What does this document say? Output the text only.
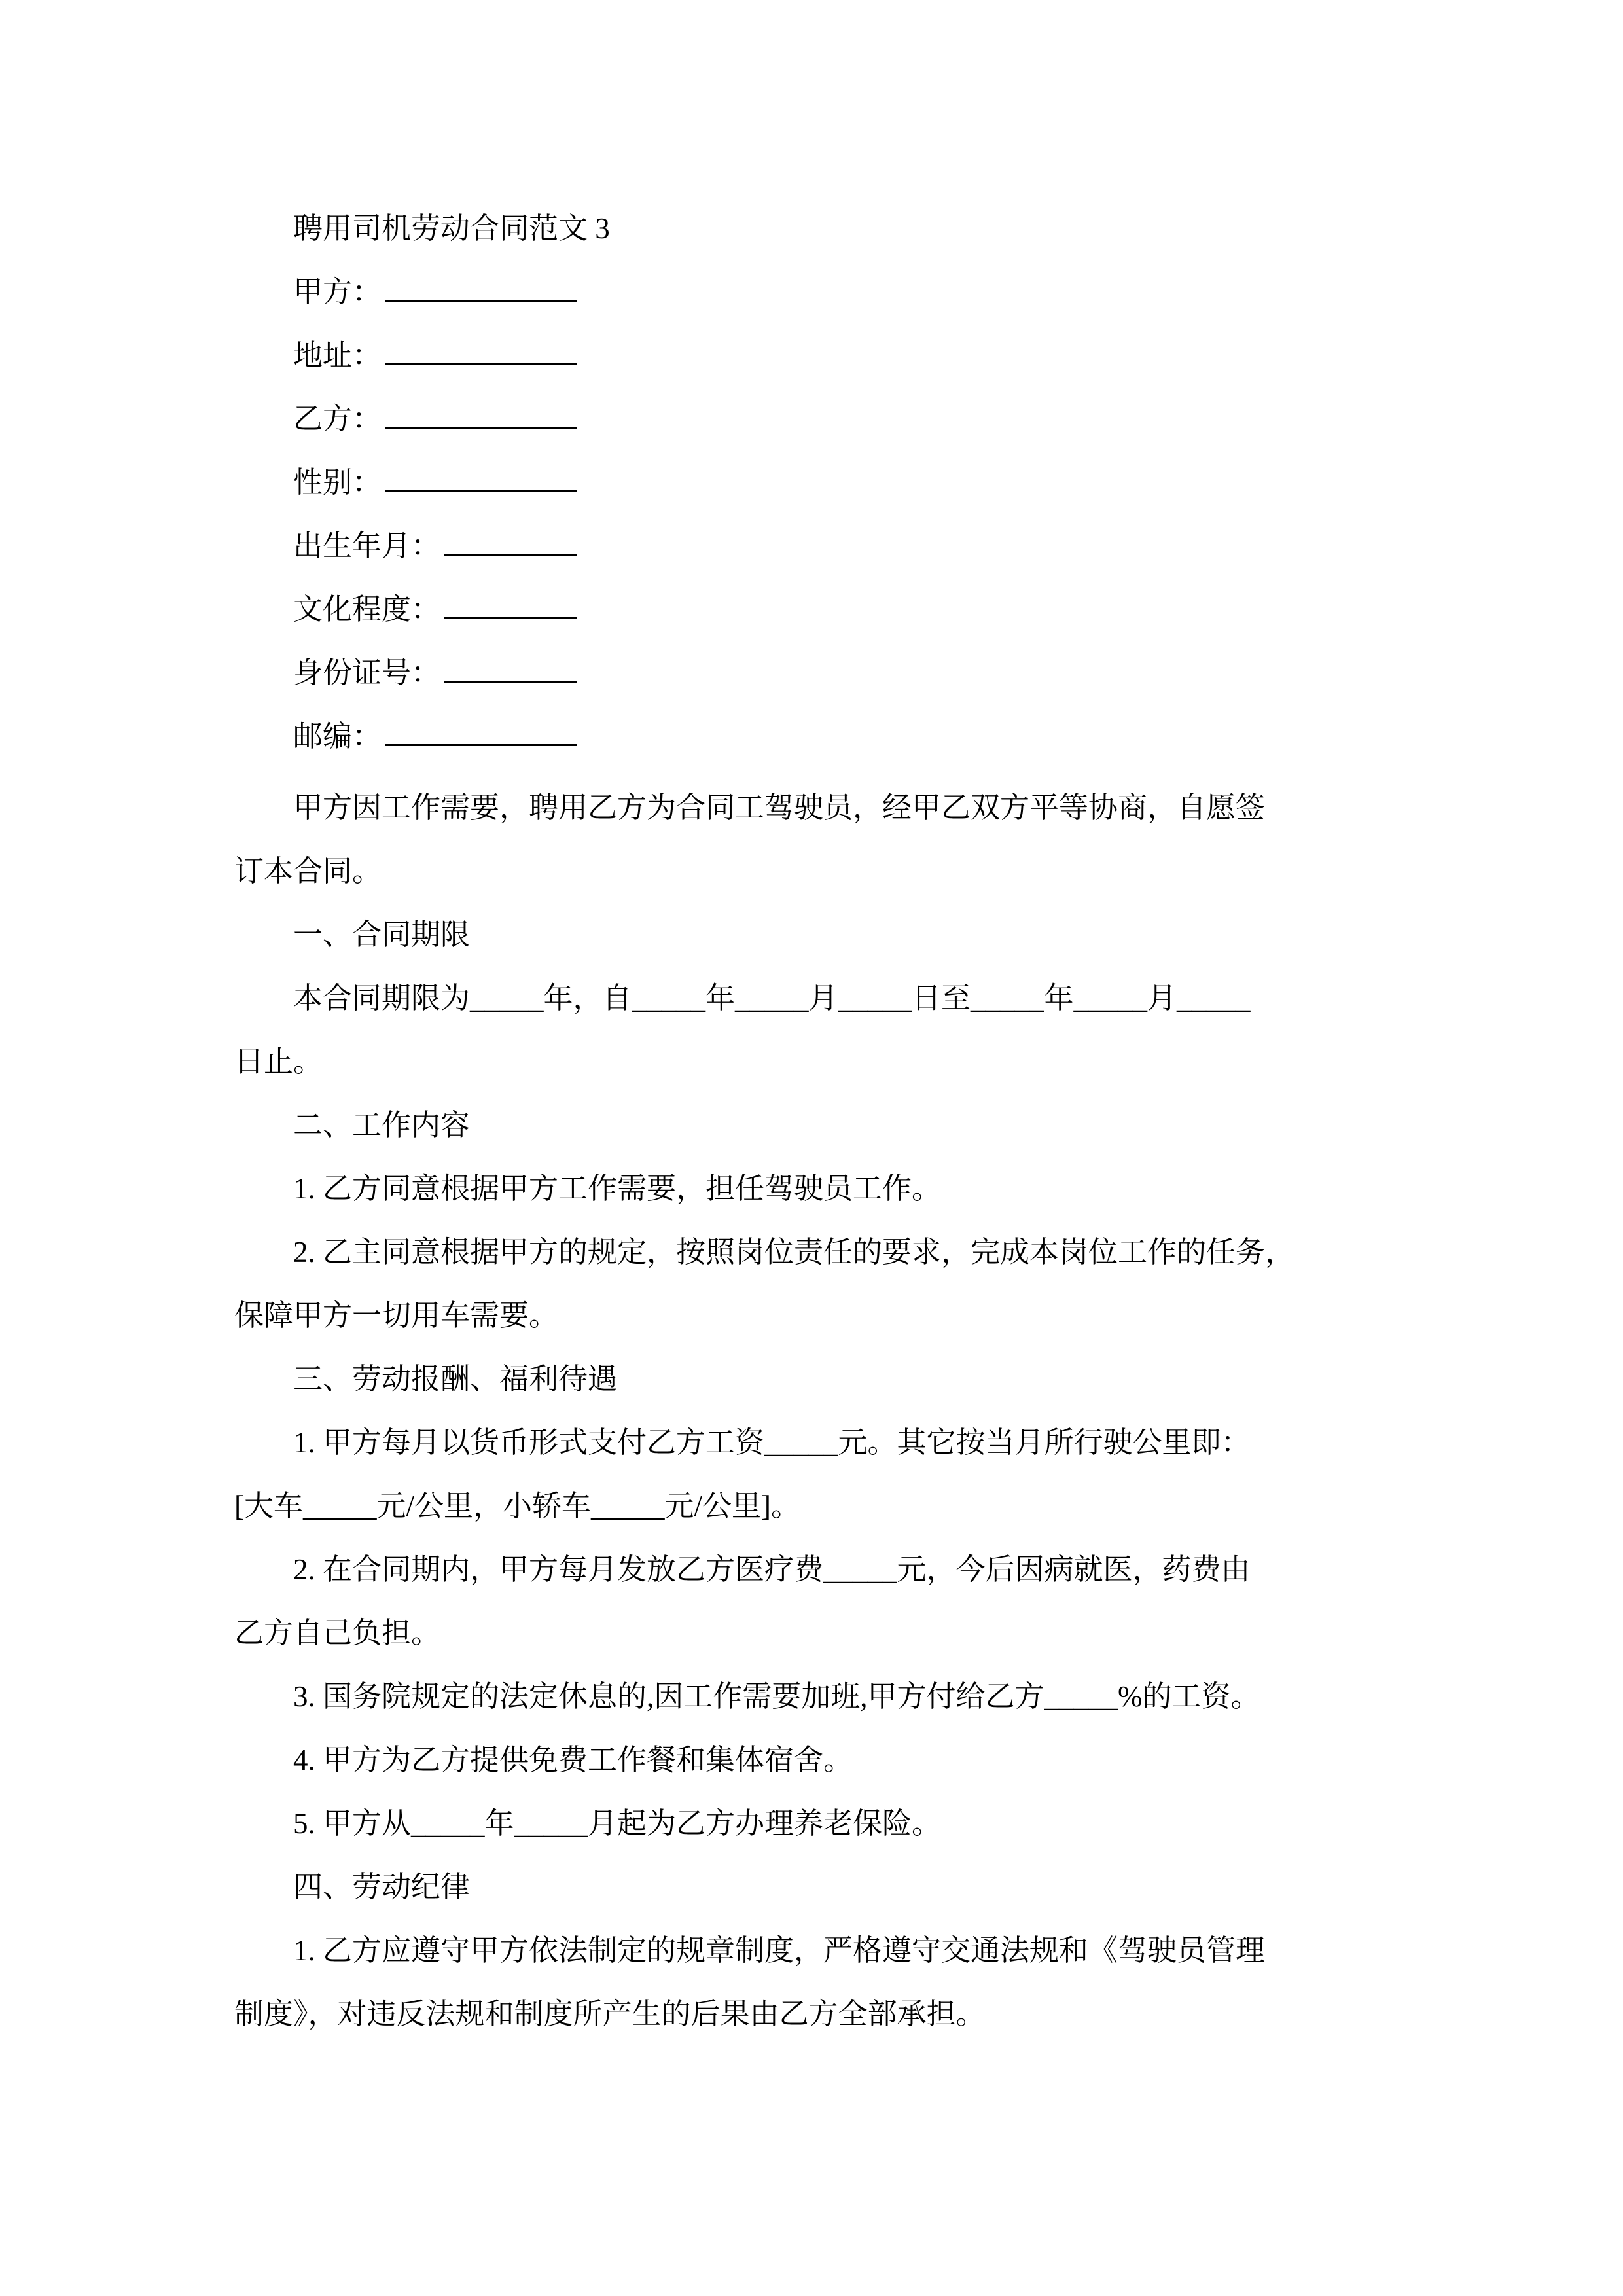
聘用司机劳动合同范文 3
甲方：
地址：
乙方：
性别：
出生年月：
文化程度：
身份证号：
邮编：
甲方因工作需要，聘用乙方为合同工驾驶员，经甲乙双方平等协商，自愿签
订本合同。
一、合同期限
本合同期限为_____年，自_____年_____月_____日至_____年_____月_____
日止。
二、工作内容
1. 乙方同意根据甲方工作需要，担任驾驶员工作。
2. 乙主同意根据甲方的规定，按照岗位责任的要求，完成本岗位工作的任务，
保障甲方一切用车需要。
三、劳动报酬、福利待遇
1. 甲方每月以货币形式支付乙方工资_____元。其它按当月所行驶公里即：
[大车_____元/公里，小轿车_____元/公里]。
2. 在合同期内，甲方每月发放乙方医疗费_____元，今后因病就医，药费由
乙方自己负担。
3. 国务院规定的法定休息的,因工作需要加班,甲方付给乙方_____%的工资。
4. 甲方为乙方提供免费工作餐和集体宿舍。
5. 甲方从_____年_____月起为乙方办理养老保险。
四、劳动纪律
1. 乙方应遵守甲方依法制定的规章制度，严格遵守交通法规和《驾驶员管理
制度》，对违反法规和制度所产生的后果由乙方全部承担。
